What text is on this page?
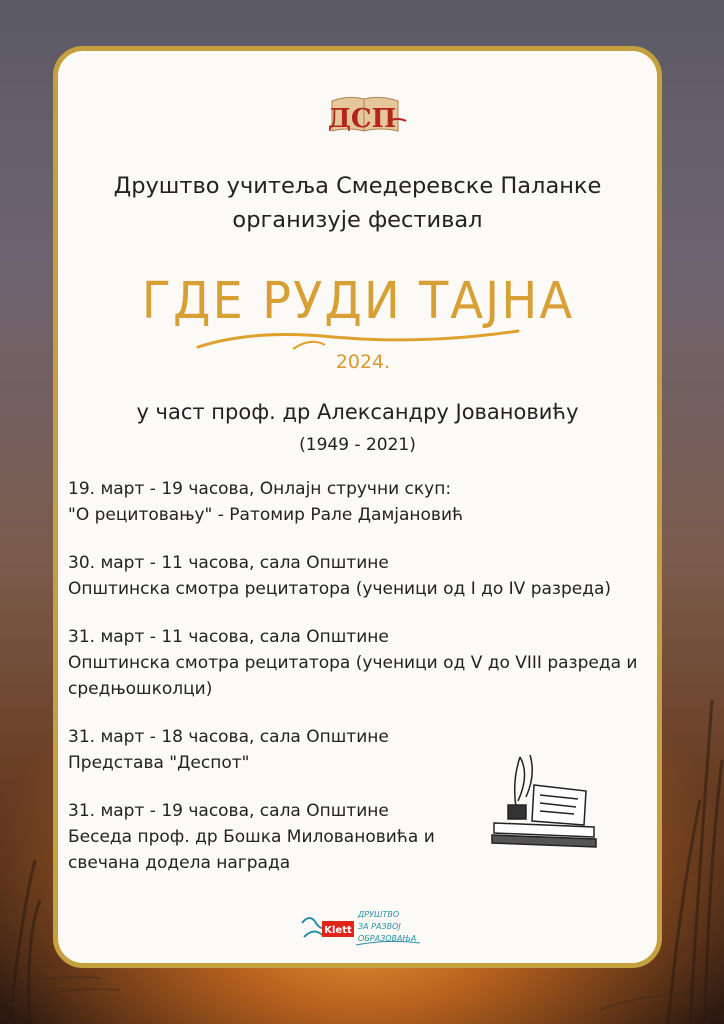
ДСП
Друштво учитеља Смедеревске Паланке
организује фестивал
ГДЕ РУДИ ТАЈНА
2024.
у част проф. др Александру Јовановићу
(1949 - 2021)
19. март - 19 часова, Онлајн стручни скуп:
"О рецитовању" - Ратомир Рале Дамјановић
30. март - 11 часова, сала Општине
Општинска смотра рецитатора (ученици од I до IV разреда)
31. март - 11 часова, сала Општине
Општинска смотра рецитатора (ученици од V до VIII разреда и
средњошколци)
31. март - 18 часова, сала Општине
Представа "Деспот"
31. март - 19 часова, сала Општине
Беседа проф. др Бошка Миловановића и
свечана додела награда
Klett
ДРУШТВО
ЗА РАЗВОЈ
ОБРАЗОВАЊА
